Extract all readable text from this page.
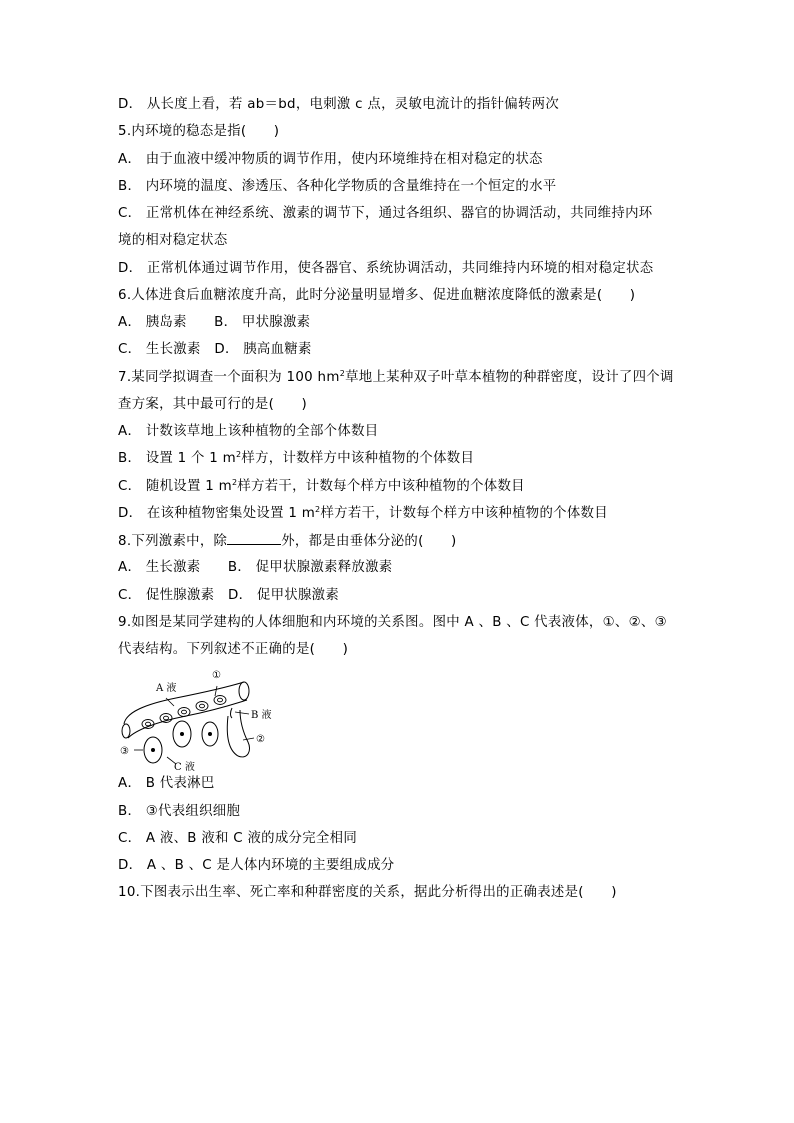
D． 从长度上看，若 ab＝bd，电刺激 c 点，灵敏电流计的指针偏转两次
5.内环境的稳态是指(　　)
A． 由于血液中缓冲物质的调节作用，使内环境维持在相对稳定的状态
B． 内环境的温度、渗透压、各种化学物质的含量维持在一个恒定的水平
C． 正常机体在神经系统、激素的调节下，通过各组织、器官的协调活动，共同维持内环
境的相对稳定状态
D． 正常机体通过调节作用，使各器官、系统协调活动，共同维持内环境的相对稳定状态
6.人体进食后血糖浓度升高，此时分泌量明显增多、促进血糖浓度降低的激素是(　　)
A． 胰岛素　　B． 甲状腺激素
C． 生长激素　D． 胰高血糖素
7.某同学拟调查一个面积为 100 $hm^2$草地上某种双子叶草本植物的种群密度，设计了四个调
查方案，其中最可行的是(　　)
A． 计数该草地上该种植物的全部个体数目
B． 设置 1 个 1 $m^2$样方，计数样方中该种植物的个体数目
C． 随机设置 1 $m^2$样方若干，计数每个样方中该种植物的个体数目
D． 在该种植物密集处设置 1 $m^2$样方若干，计数每个样方中该种植物的个体数目
8.下列激素中，除	外，都是由垂体分泌的(　　)
A． 生长激素　　B． 促甲状腺激素释放激素
C． 促性腺激素　D． 促甲状腺激素
9.如图是某同学建构的人体细胞和内环境的关系图。图中 A 、B 、C 代表液体，①、②、③
代表结构。下列叙述不正确的是(　　)
A 液
①
B 液
②
③
C 液
A． B 代表淋巴
B． ③代表组织细胞
C． A 液、B 液和 C 液的成分完全相同
D． A 、B 、C 是人体内环境的主要组成成分
10.下图表示出生率、死亡率和种群密度的关系，据此分析得出的正确表述是(　　)
